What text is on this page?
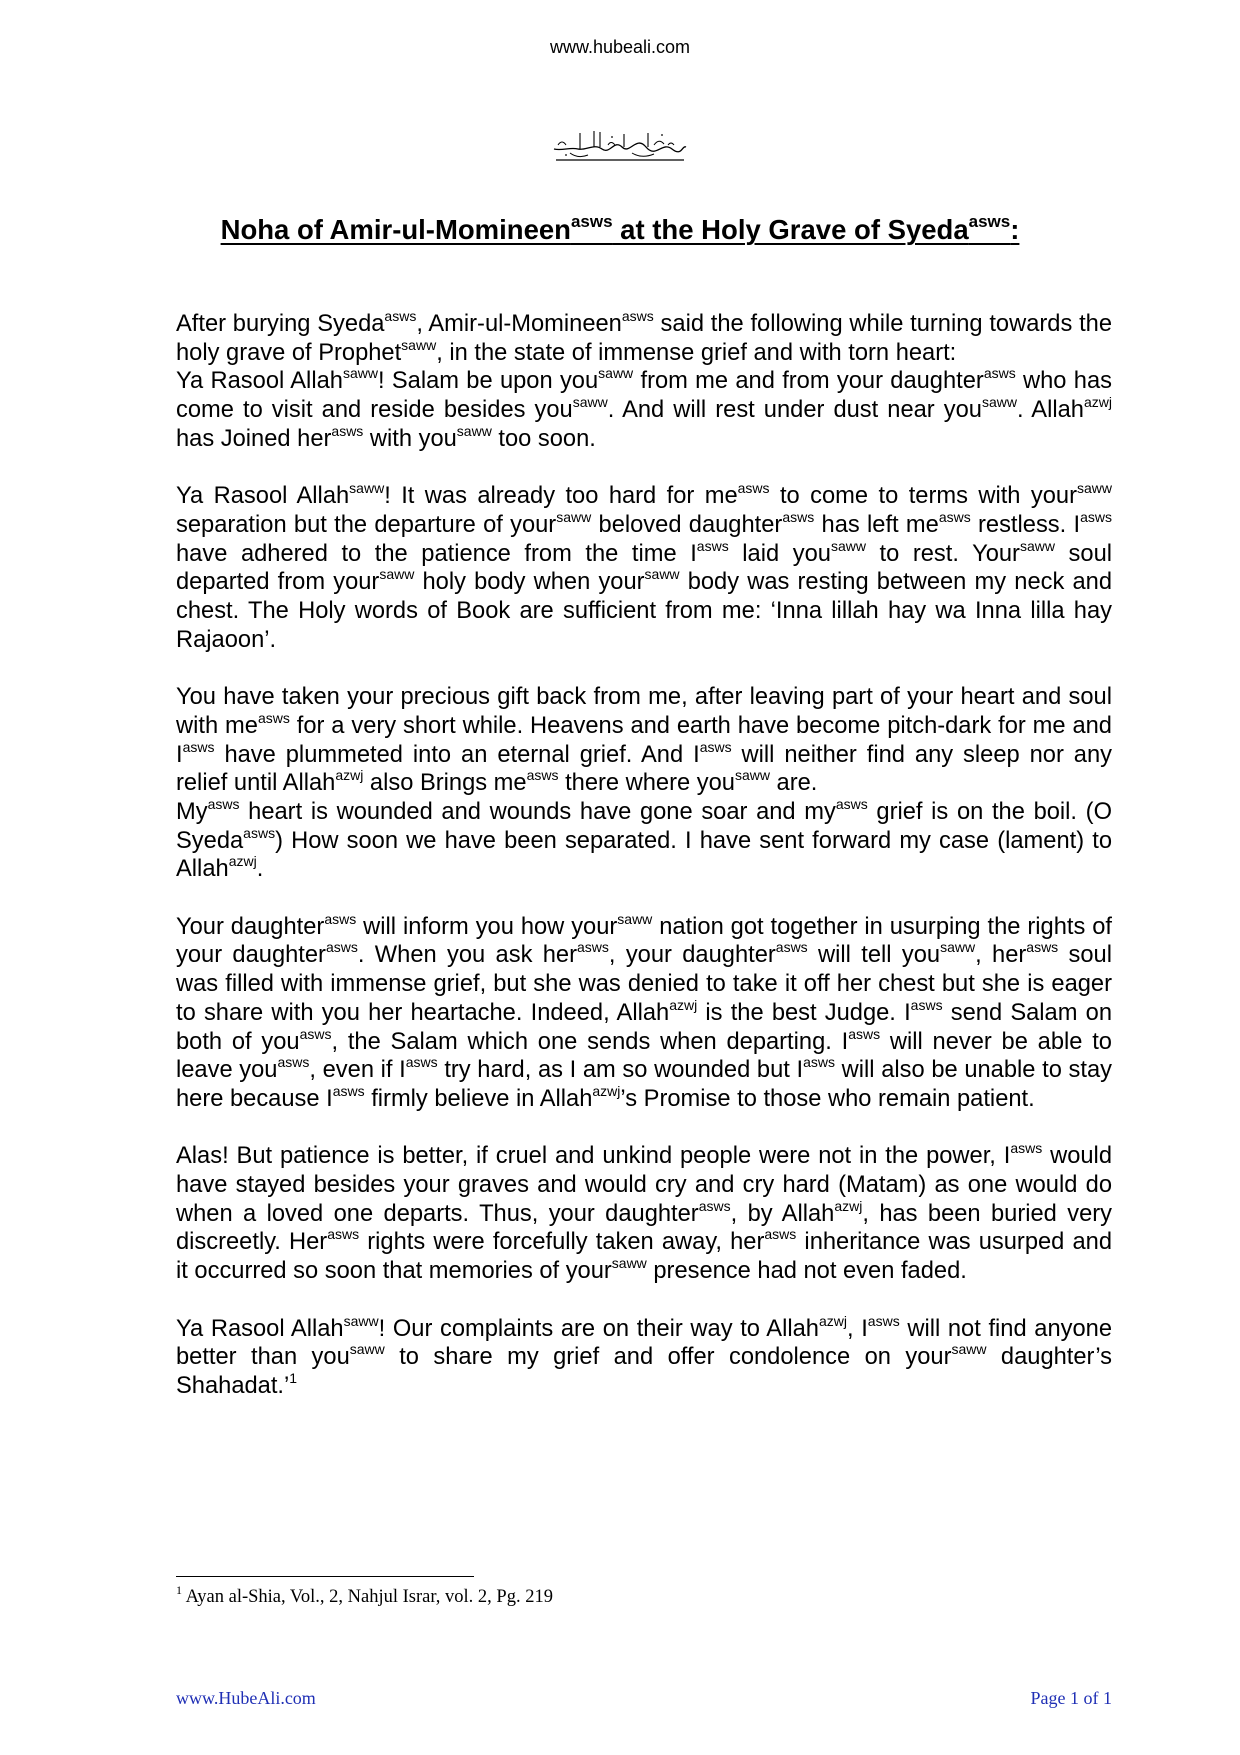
www.hubeali.com
Noha of Amir-ul-Momineen$^{asws}$ at the Holy Grave of Syeda$^{asws}$:

After burying Syeda$^{asws}$, Amir-ul-Momineen$^{asws}$ said the following while turning towards the holy grave of Prophet$^{saww}$, in the state of immense grief and with torn heart:

Ya Rasool Allah$^{saww}$! Salam be upon you$^{saww}$ from me and from your daughter$^{asws}$ who has come to visit and reside besides you$^{saww}$. And will rest under dust near you$^{saww}$. Allah$^{azwj}$ has Joined her$^{asws}$ with you$^{saww}$ too soon.

Ya Rasool Allah$^{saww}$! It was already too hard for $me^{asws}$ to come to terms with your$^{saww}$ separation but the departure of your$^{saww}$ beloved daughter$^{asws}$ has left $me^{asws}$ restless. $I^{asws}$ have adhered to the patience from the time $I^{asws}$ laid you$^{saww}$ to rest. Your$^{saww}$ soul departed from your$^{saww}$ holy body when your$^{saww}$ body was resting between my neck and chest. The Holy words of Book are sufficient from me: ‘Inna lillah hay wa Inna lilla hay Rajaoon’.

You have taken your precious gift back from me, after leaving part of your heart and soul with $me^{asws}$ for a very short while. Heavens and earth have become pitch-dark for me and $I^{asws}$ have plummeted into an eternal grief. And $I^{asws}$ will neither find any sleep nor any relief until Allah$^{azwj}$ also Brings $me^{asws}$ there where you$^{saww}$ are.

$My^{asws}$ heart is wounded and wounds have gone soar and $my^{asws}$ grief is on the boil. (O Syeda$^{asws}$) How soon we have been separated. I have sent forward my case (lament) to Allah$^{azwj}$.

Your daughter$^{asws}$ will inform you how your$^{saww}$ nation got together in usurping the rights of your daughter$^{asws}$. When you ask her$^{asws}$, your daughter$^{asws}$ will tell you$^{saww}$, her$^{asws}$ soul was filled with immense grief, but she was denied to take it off her chest but she is eager to share with you her heartache. Indeed, Allah$^{azwj}$ is the best Judge. $I^{asws}$ send Salam on both of you$^{asws}$, the Salam which one sends when departing. $I^{asws}$ will never be able to leave you$^{asws}$, even if $I^{asws}$ try hard, as I am so wounded but $I^{asws}$ will also be unable to stay here because $I^{asws}$ firmly believe in Allah$^{azwj}$’s Promise to those who remain patient.

Alas! But patience is better, if cruel and unkind people were not in the power, $I^{asws}$ would have stayed besides your graves and would cry and cry hard (Matam) as one would do when a loved one departs. Thus, your daughter$^{asws}$, by Allah$^{azwj}$, has been buried very discreetly. Her$^{asws}$ rights were forcefully taken away, her$^{asws}$ inheritance was usurped and it occurred so soon that memories of your$^{saww}$ presence had not even faded.

Ya Rasool Allah$^{saww}$! Our complaints are on their way to Allah$^{azwj}$, $I^{asws}$ will not find anyone better than you$^{saww}$ to share my grief and offer condolence on your$^{saww}$ daughter’s Shahadat.’$^1$

$^1$ Ayan al-Shia, Vol., 2, Nahjul Israr, vol. 2, Pg. 219
www.HubeAli.com	Page 1 of 1
